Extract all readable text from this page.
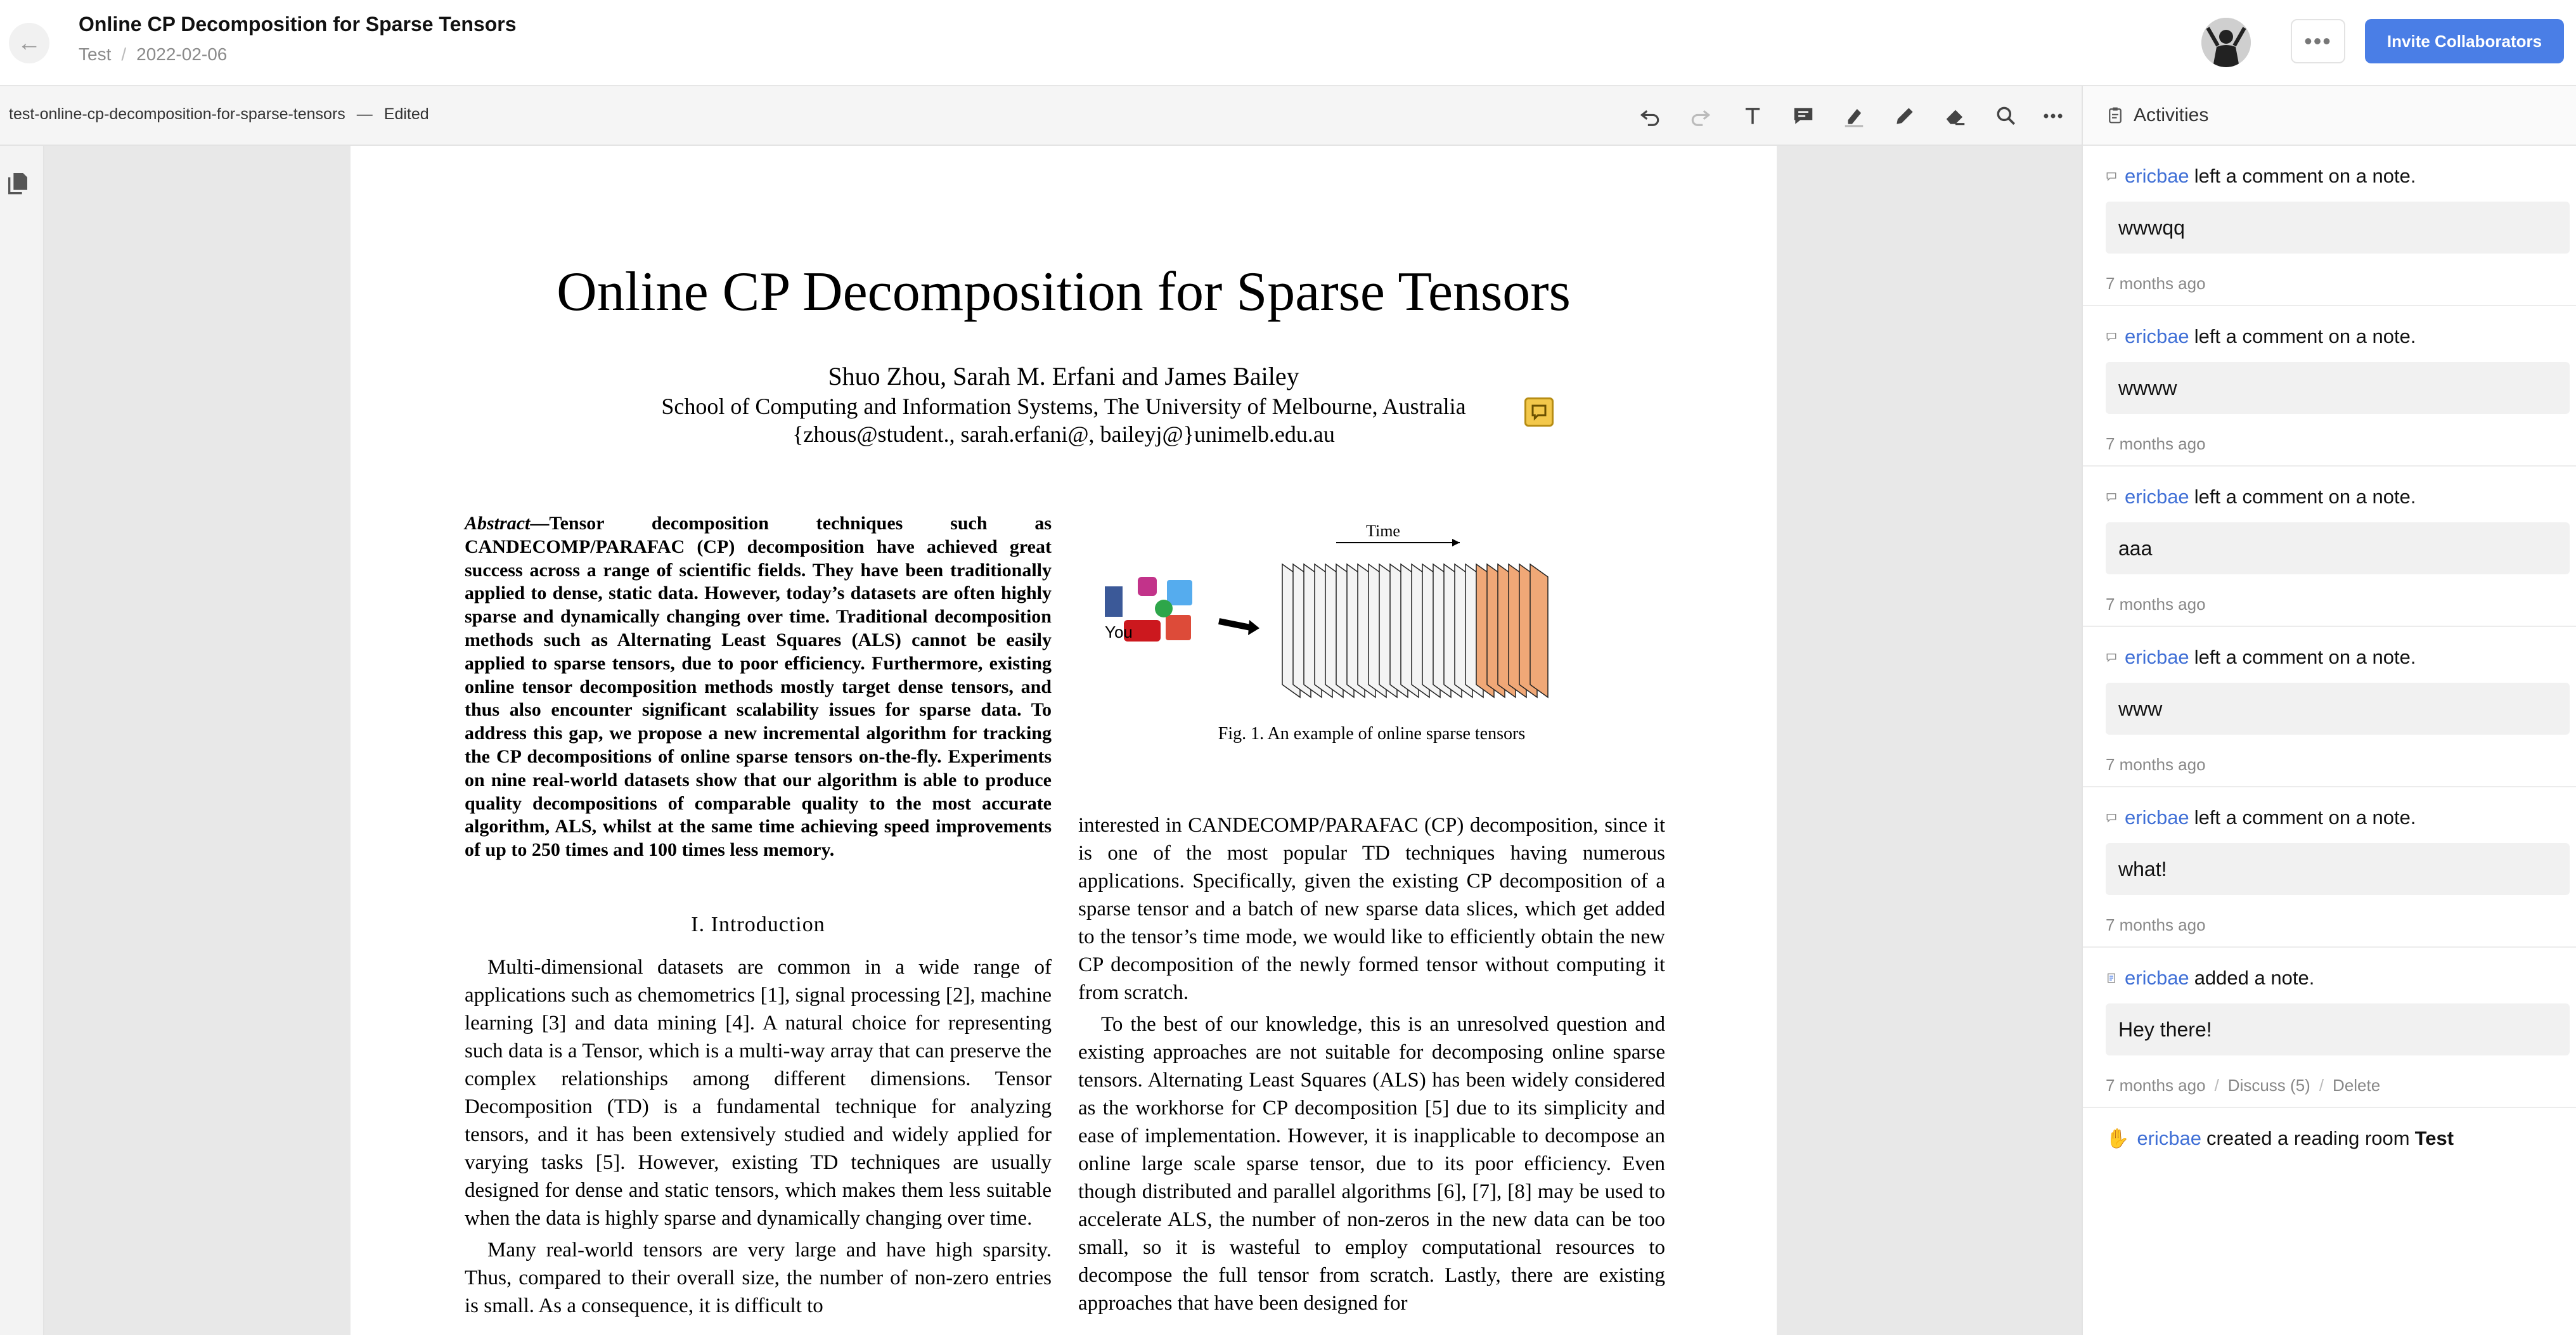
←
Online CP Decomposition for Sparse Tensors
Test / 2022-02-06
•••	Invite Collaborators
test-online-cp-decomposition-for-sparse-tensors — Edited
Online CP Decomposition for Sparse Tensors
Shuo Zhou, Sarah M. Erfani and James Bailey
School of Computing and Information Systems, The University of Melbourne, Australia
{zhous@student., sarah.erfani@, baileyj@}unimelb.edu.au
Abstract—Tensor decomposition techniques such as CANDECOMP/PARAFAC (CP) decomposition have achieved great success across a range of scientific fields. They have been traditionally applied to dense, static data. However, today’s datasets are often highly sparse and dynamically changing over time. Traditional decomposition methods such as Alternating Least Squares (ALS) cannot be easily applied to sparse tensors, due to poor efficiency. Furthermore, existing online tensor decomposition methods mostly target dense tensors, and thus also encounter significant scalability issues for sparse data. To address this gap, we propose a new incremental algorithm for tracking the CP decompositions of online sparse tensors on-the-fly. Experiments on nine real-world datasets show that our algorithm is able to produce quality decompositions of comparable quality to the most accurate algorithm, ALS, whilst at the same time achieving speed improvements of up to 250 times and 100 times less memory.
I. Introduction

Multi-dimensional datasets are common in a wide range of applications such as chemometrics [1], signal processing [2], machine learning [3] and data mining [4]. A natural choice for representing such data is a Tensor, which is a multi-way array that can preserve the complex relationships among different dimensions. Tensor Decomposition (TD) is a fundamental technique for analyzing tensors, and it has been extensively studied and widely applied for varying tasks [5]. However, existing TD techniques are usually designed for dense and static tensors, which makes them less suitable when the data is highly sparse and dynamically changing over time.

Many real-world tensors are very large and have high sparsity. Thus, compared to their overall size, the number of non-zero entries is small. As a consequence, it is difficult to

Time
You
Fig. 1. An example of online sparse tensors

interested in CANDECOMP/PARAFAC (CP) decomposition, since it is one of the most popular TD techniques having numerous applications. Specifically, given the existing CP decomposition of a sparse tensor and a batch of new sparse data slices, which get added to the tensor’s time mode, we would like to efficiently obtain the new CP decomposition of the newly formed tensor without computing it from scratch.

To the best of our knowledge, this is an unresolved question and existing approaches are not suitable for decomposing online sparse tensors. Alternating Least Squares (ALS) has been widely considered as the workhorse for CP decomposition [5] due to its simplicity and ease of implementation. However, it is inapplicable to decompose an online large scale sparse tensor, due to its poor efficiency. Even though distributed and parallel algorithms [6], [7], [8] may be used to accelerate ALS, the number of non-zeros in the new data can be too small, so it is wasteful to employ computational resources to decompose the full tensor from scratch. Lastly, there are existing approaches that have been designed for

Activities
ericbae left a comment on a note.
wwwqq
7 months ago
ericbae left a comment on a note.
wwww
7 months ago
ericbae left a comment on a note.
aaa
7 months ago
ericbae left a comment on a note.
www
7 months ago
ericbae left a comment on a note.
what!
7 months ago
ericbae added a note.
Hey there!
7 months ago / Discuss (5) / Delete
✋ ericbae created a reading room Test
